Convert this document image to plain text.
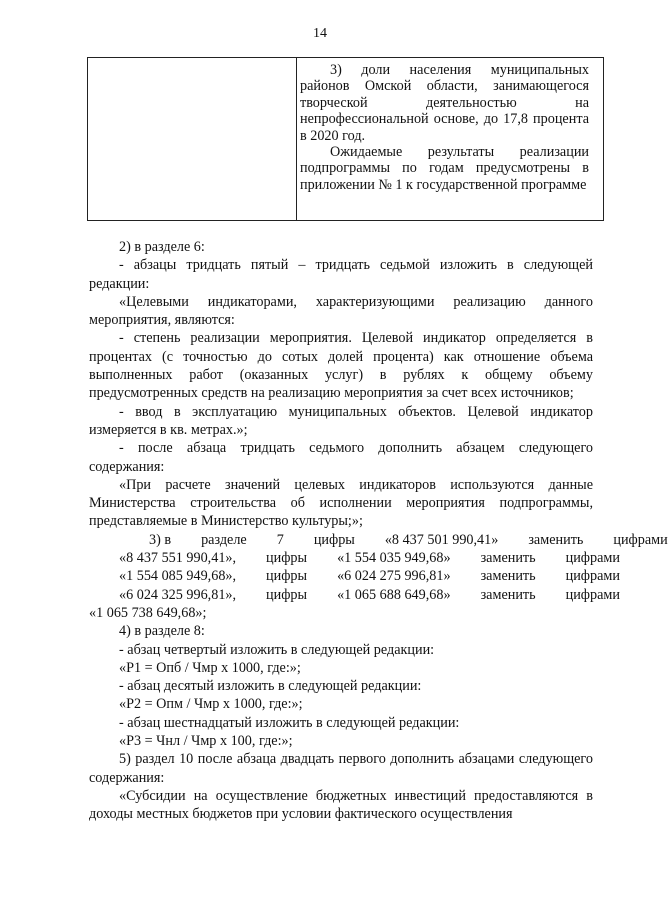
14

3) доли населения муниципальных районов Омской области, занимающегося творческой деятельностью на непрофессиональной основе, до 17,8 процента в 2020 год.

Ожидаемые результаты реализации подпрограммы по годам предусмотрены в приложении № 1 к государственной программе

2) в разделе 6:

- абзацы тридцать пятый – тридцать седьмой изложить в следующей редакции:

«Целевыми индикаторами, характеризующими реализацию данного мероприятия, являются:

- степень реализации мероприятия. Целевой индикатор определяется в процентах (с точностью до сотых долей процента) как отношение объема выполненных работ (оказанных услуг) в рублях к общему объему предусмотренных средств на реализацию мероприятия за счет всех источников;

- ввод в эксплуатацию муниципальных объектов. Целевой индикатор измеряется в кв. метрах.»;

- после абзаца тридцать седьмого дополнить абзацем следующего содержания:

«При расчете значений целевых индикаторов используются данные Министерства строительства об исполнении мероприятия подпрограммы, представляемые в Министерство культуры;»;

3) в	разделе	7	цифры	«8 437 501 990,41»	заменить	цифрами

«8 437 551 990,41»,	цифры	«1 554 035 949,68»	заменить	цифрами

«1 554 085 949,68»,	цифры	«6 024 275 996,81»	заменить	цифрами

«6 024 325 996,81»,	цифры	«1 065 688 649,68»	заменить	цифрами

«1 065 738 649,68»;

4) в разделе 8:

- абзац четвертый изложить в следующей редакции:

«Р1 = Опб / Чмр х 1000, где:»;

- абзац десятый изложить в следующей редакции:

«Р2 = Опм / Чмр х 1000, где:»;

- абзац шестнадцатый изложить в следующей редакции:

«Р3 = Чнл / Чмр х 100, где:»;

5) раздел 10 после абзаца двадцать первого дополнить абзацами следующего содержания:

«Субсидии на осуществление бюджетных инвестиций предоставляются в доходы местных бюджетов при условии фактического осуществления
